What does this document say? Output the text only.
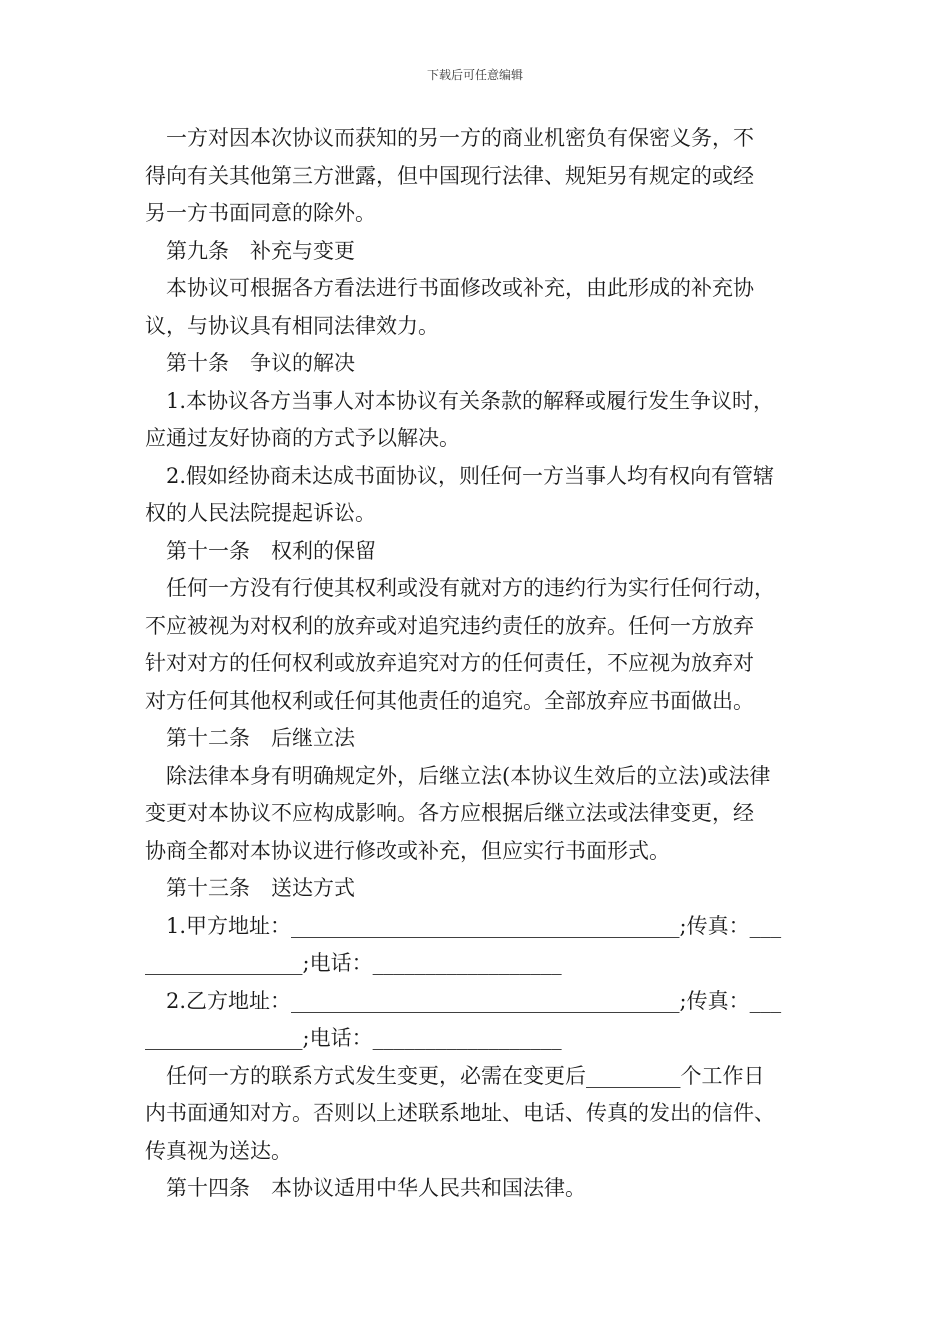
下载后可任意编辑
一方对因本次协议而获知的另一方的商业机密负有保密义务，不
得向有关其他第三方泄露，但中国现行法律、规矩另有规定的或经
另一方书面同意的除外。
第九条　补充与变更
本协议可根据各方看法进行书面修改或补充，由此形成的补充协
议，与协议具有相同法律效力。
第十条　争议的解决
1.本协议各方当事人对本协议有关条款的解释或履行发生争议时，
应通过友好协商的方式予以解决。
2.假如经协商未达成书面协议，则任何一方当事人均有权向有管辖
权的人民法院提起诉讼。
第十一条　权利的保留
任何一方没有行使其权利或没有就对方的违约行为实行任何行动，
不应被视为对权利的放弃或对追究违约责任的放弃。任何一方放弃
针对对方的任何权利或放弃追究对方的任何责任，不应视为放弃对
对方任何其他权利或任何其他责任的追究。全部放弃应书面做出。
第十二条　后继立法
除法律本身有明确规定外，后继立法(本协议生效后的立法)或法律
变更对本协议不应构成影响。各方应根据后继立法或法律变更，经
协商全都对本协议进行修改或补充，但应实行书面形式。
第十三条　送达方式
1.甲方地址：_____________________________________;传真：___
_______________;电话：__________________
2.乙方地址：_____________________________________;传真：___
_______________;电话：__________________
任何一方的联系方式发生变更，必需在变更后_________个工作日
内书面通知对方。否则以上述联系地址、电话、传真的发出的信件、
传真视为送达。
第十四条　本协议适用中华人民共和国法律。
